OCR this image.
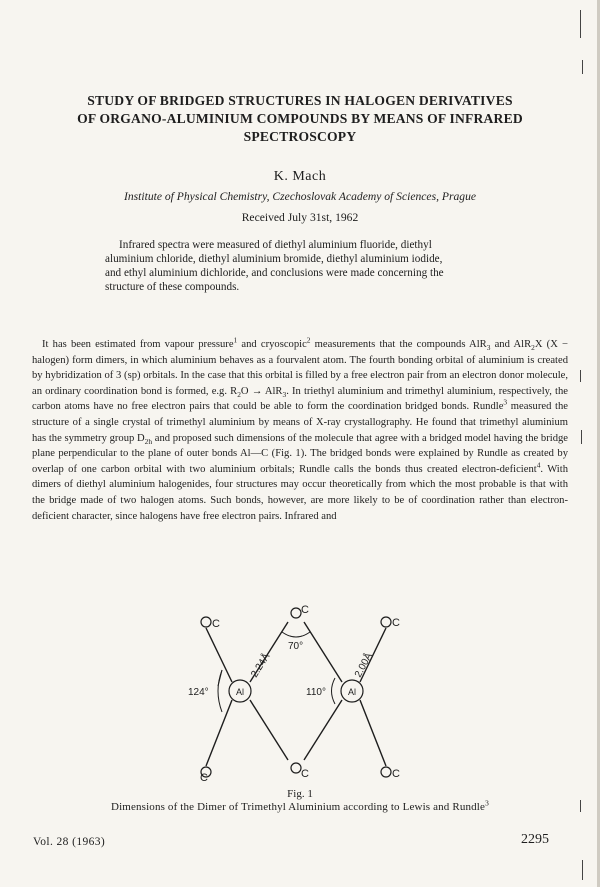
STUDY OF BRIDGED STRUCTURES IN HALOGEN DERIVATIVES
OF ORGANO-ALUMINIUM COMPOUNDS BY MEANS OF INFRARED
SPECTROSCOPY
K. Mach
Institute of Physical Chemistry, Czechoslovak Academy of Sciences, Prague
Received July 31st, 1962
Infrared spectra were measured of diethyl aluminium fluoride, diethyl
aluminium chloride, diethyl aluminium bromide, diethyl aluminium iodide,
and ethyl aluminium dichloride, and conclusions were made concerning the
structure of these compounds.
It has been estimated from vapour pressure$^1$ and cryoscopic$^2$ measurements that the compounds AlR$_3$ and AlR$_2$X (X − halogen) form dimers, in which aluminium behaves as a fourvalent atom. The fourth bonding orbital of aluminium is created by hybridization of 3 (sp) orbitals. In the case that this orbital is filled by a free electron pair from an electron donor molecule, an ordinary coordination bond is formed, e.g. $R_2O \to AlR_3$. In triethyl aluminium and trimethyl aluminium, respectively, the carbon atoms have no free electron pairs that could be able to form the coordination bridged bonds. Rundle$^3$ measured the structure of a single crystal of trimethyl aluminium by means of X-ray crystallography. He found that trimethyl aluminium has the symmetry group $D_{2h}$ and proposed such dimensions of the molecule that agree with a bridged model having the bridge plane perpendicular to the plane of outer bonds Al—C (Fig. 1). The bridged bonds were explained by Rundle as created by overlap of one carbon orbital with two aluminium orbitals; Rundle calls the bonds thus created electron-deficient$^4$. With dimers of diethyl aluminium halogenides, four structures may occur theoretically from which the most probable is that with the bridge made of two halogen atoms. Such bonds, however, are more likely to be of coordination rather than electron-deficient character, since halogens have free electron pairs. Infrared and
C
C
C
C
C
C
Al	Al
70°
124°	110°
2.24Å	2.00Å
Fig. 1
Dimensions of the Dimer of Trimethyl Aluminium according to Lewis and Rundle$^3$
Vol. 28 (1963)	2295
